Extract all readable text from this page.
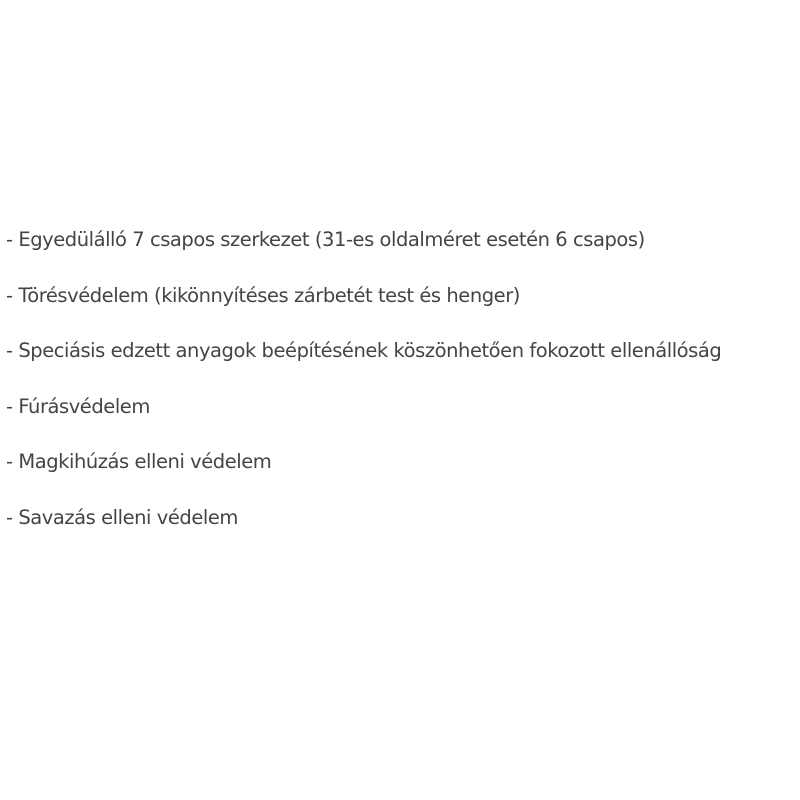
- Egyedülálló 7 csapos szerkezet (31-es oldalméret esetén 6 csapos)
- Törésvédelem (kikönnyítéses zárbetét test és henger)
- Speciásis edzett anyagok beépítésének köszönhetően fokozott ellenállóság
- Fúrásvédelem
- Magkihúzás elleni védelem
- Savazás elleni védelem
